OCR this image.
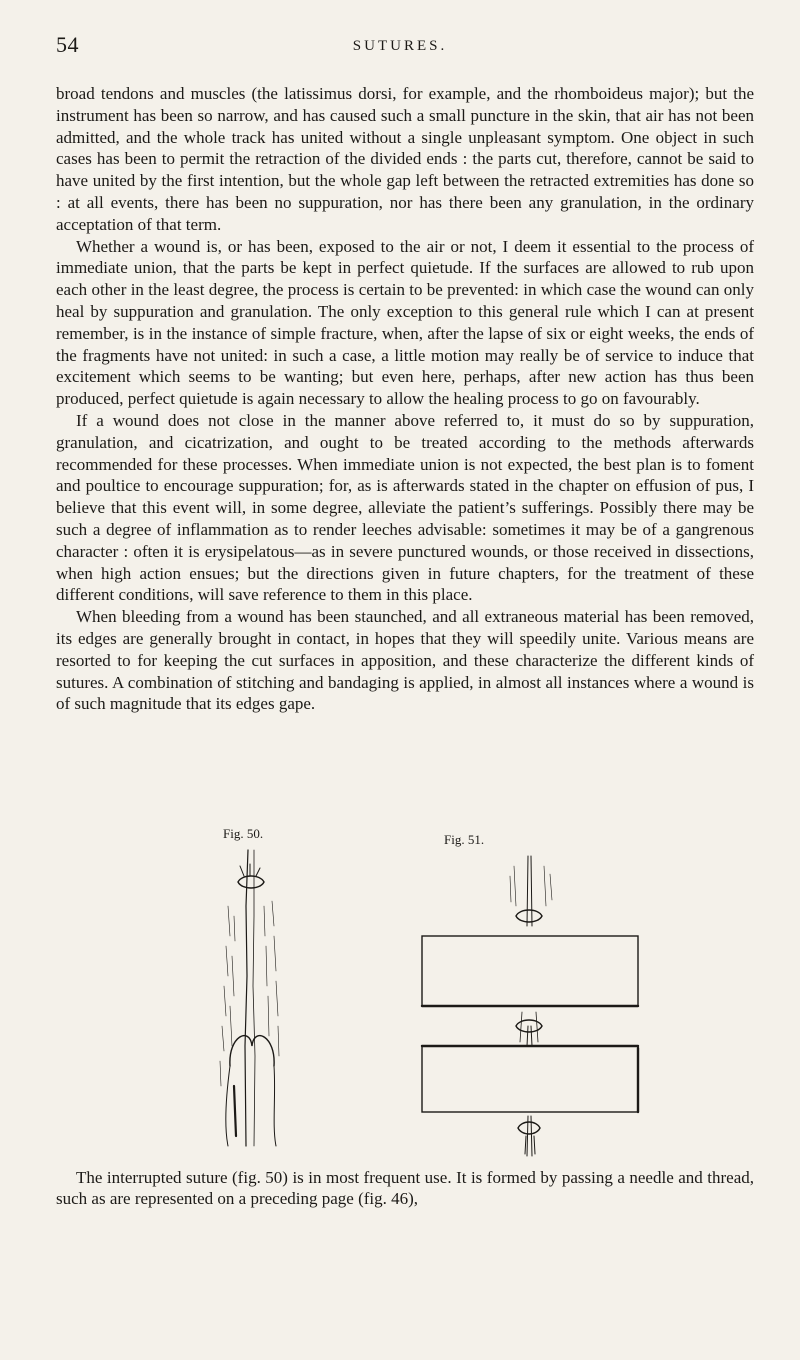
54	SUTURES.

broad tendons and muscles (the latissimus dorsi, for example, and the rhomboideus major); but the instrument has been so narrow, and has caused such a small puncture in the skin, that air has not been admitted, and the whole track has united without a single unpleasant symptom. One object in such cases has been to permit the retraction of the divided ends : the parts cut, therefore, cannot be said to have united by the first intention, but the whole gap left between the retracted extremities has done so : at all events, there has been no suppuration, nor has there been any granulation, in the ordinary acceptation of that term.

Whether a wound is, or has been, exposed to the air or not, I deem it essential to the process of immediate union, that the parts be kept in perfect quietude. If the surfaces are allowed to rub upon each other in the least degree, the process is certain to be prevented: in which case the wound can only heal by suppuration and granulation. The only exception to this general rule which I can at present remember, is in the instance of simple fracture, when, after the lapse of six or eight weeks, the ends of the fragments have not united: in such a case, a little motion may really be of service to induce that excitement which seems to be wanting; but even here, perhaps, after new action has thus been produced, perfect quietude is again necessary to allow the healing process to go on favourably.

If a wound does not close in the manner above referred to, it must do so by suppuration, granulation, and cicatrization, and ought to be treated according to the methods afterwards recommended for these processes. When immediate union is not expected, the best plan is to foment and poultice to encourage suppuration; for, as is afterwards stated in the chapter on effusion of pus, I believe that this event will, in some degree, alleviate the patient’s sufferings. Possibly there may be such a degree of inflammation as to render leeches advisable: sometimes it may be of a gangrenous character : often it is erysipelatous—as in severe punctured wounds, or those received in dissections, when high action ensues; but the directions given in future chapters, for the treatment of these different conditions, will save reference to them in this place.

When bleeding from a wound has been staunched, and all extraneous material has been removed, its edges are generally brought in contact, in hopes that they will speedily unite. Various means are resorted to for keeping the cut surfaces in apposition, and these characterize the different kinds of sutures. A combination of stitching and bandaging is applied, in almost all instances where a wound is of such magnitude that its edges gape.

Fig. 50.	Fig. 51.

The interrupted suture (fig. 50) is in most frequent use. It is formed by passing a needle and thread, such as are represented on a preceding page (fig. 46),
